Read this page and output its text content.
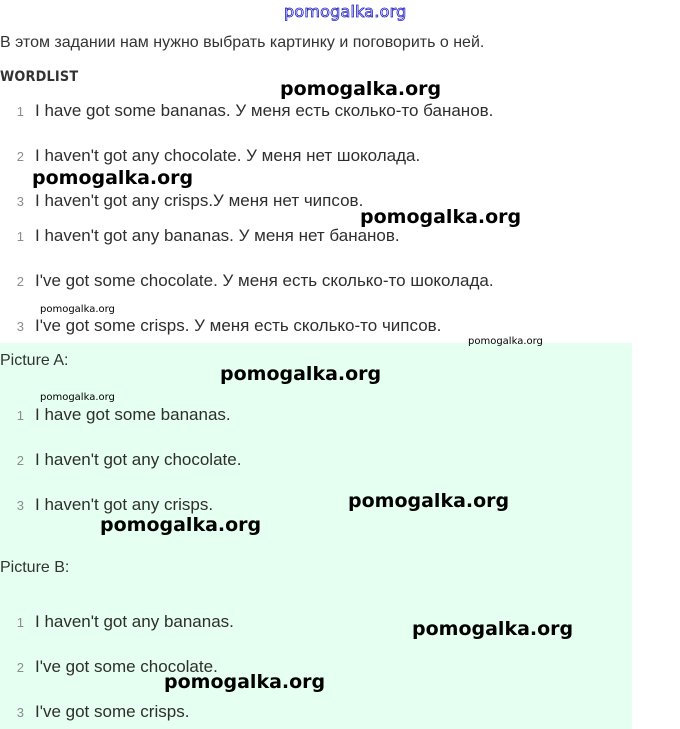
pomogalka.org
В этом задании нам нужно выбрать картинку и поговорить о ней.
WORDLIST
1 I have got some bananas. У меня есть сколько-то бананов.
2 I haven't got any chocolate. У меня нет шоколада.
3 I haven't got any crisps.У меня нет чипсов.
1 I haven't got any bananas. У меня нет бананов.
2 I've got some chocolate. У меня есть сколько-то шоколада.
3 I've got some crisps. У меня есть сколько-то чипсов.
Picture A:
1 I have got some bananas.
2 I haven't got any chocolate.
3 I haven't got any crisps.
Picture B:
1 I haven't got any bananas.
2 I've got some chocolate.
3 I've got some crisps.
pomogalka.org
pomogalka.org
pomogalka.org
pomogalka.org
pomogalka.org
pomogalka.org
pomogalka.org
pomogalka.org
pomogalka.org
pomogalka.org
pomogalka.org
